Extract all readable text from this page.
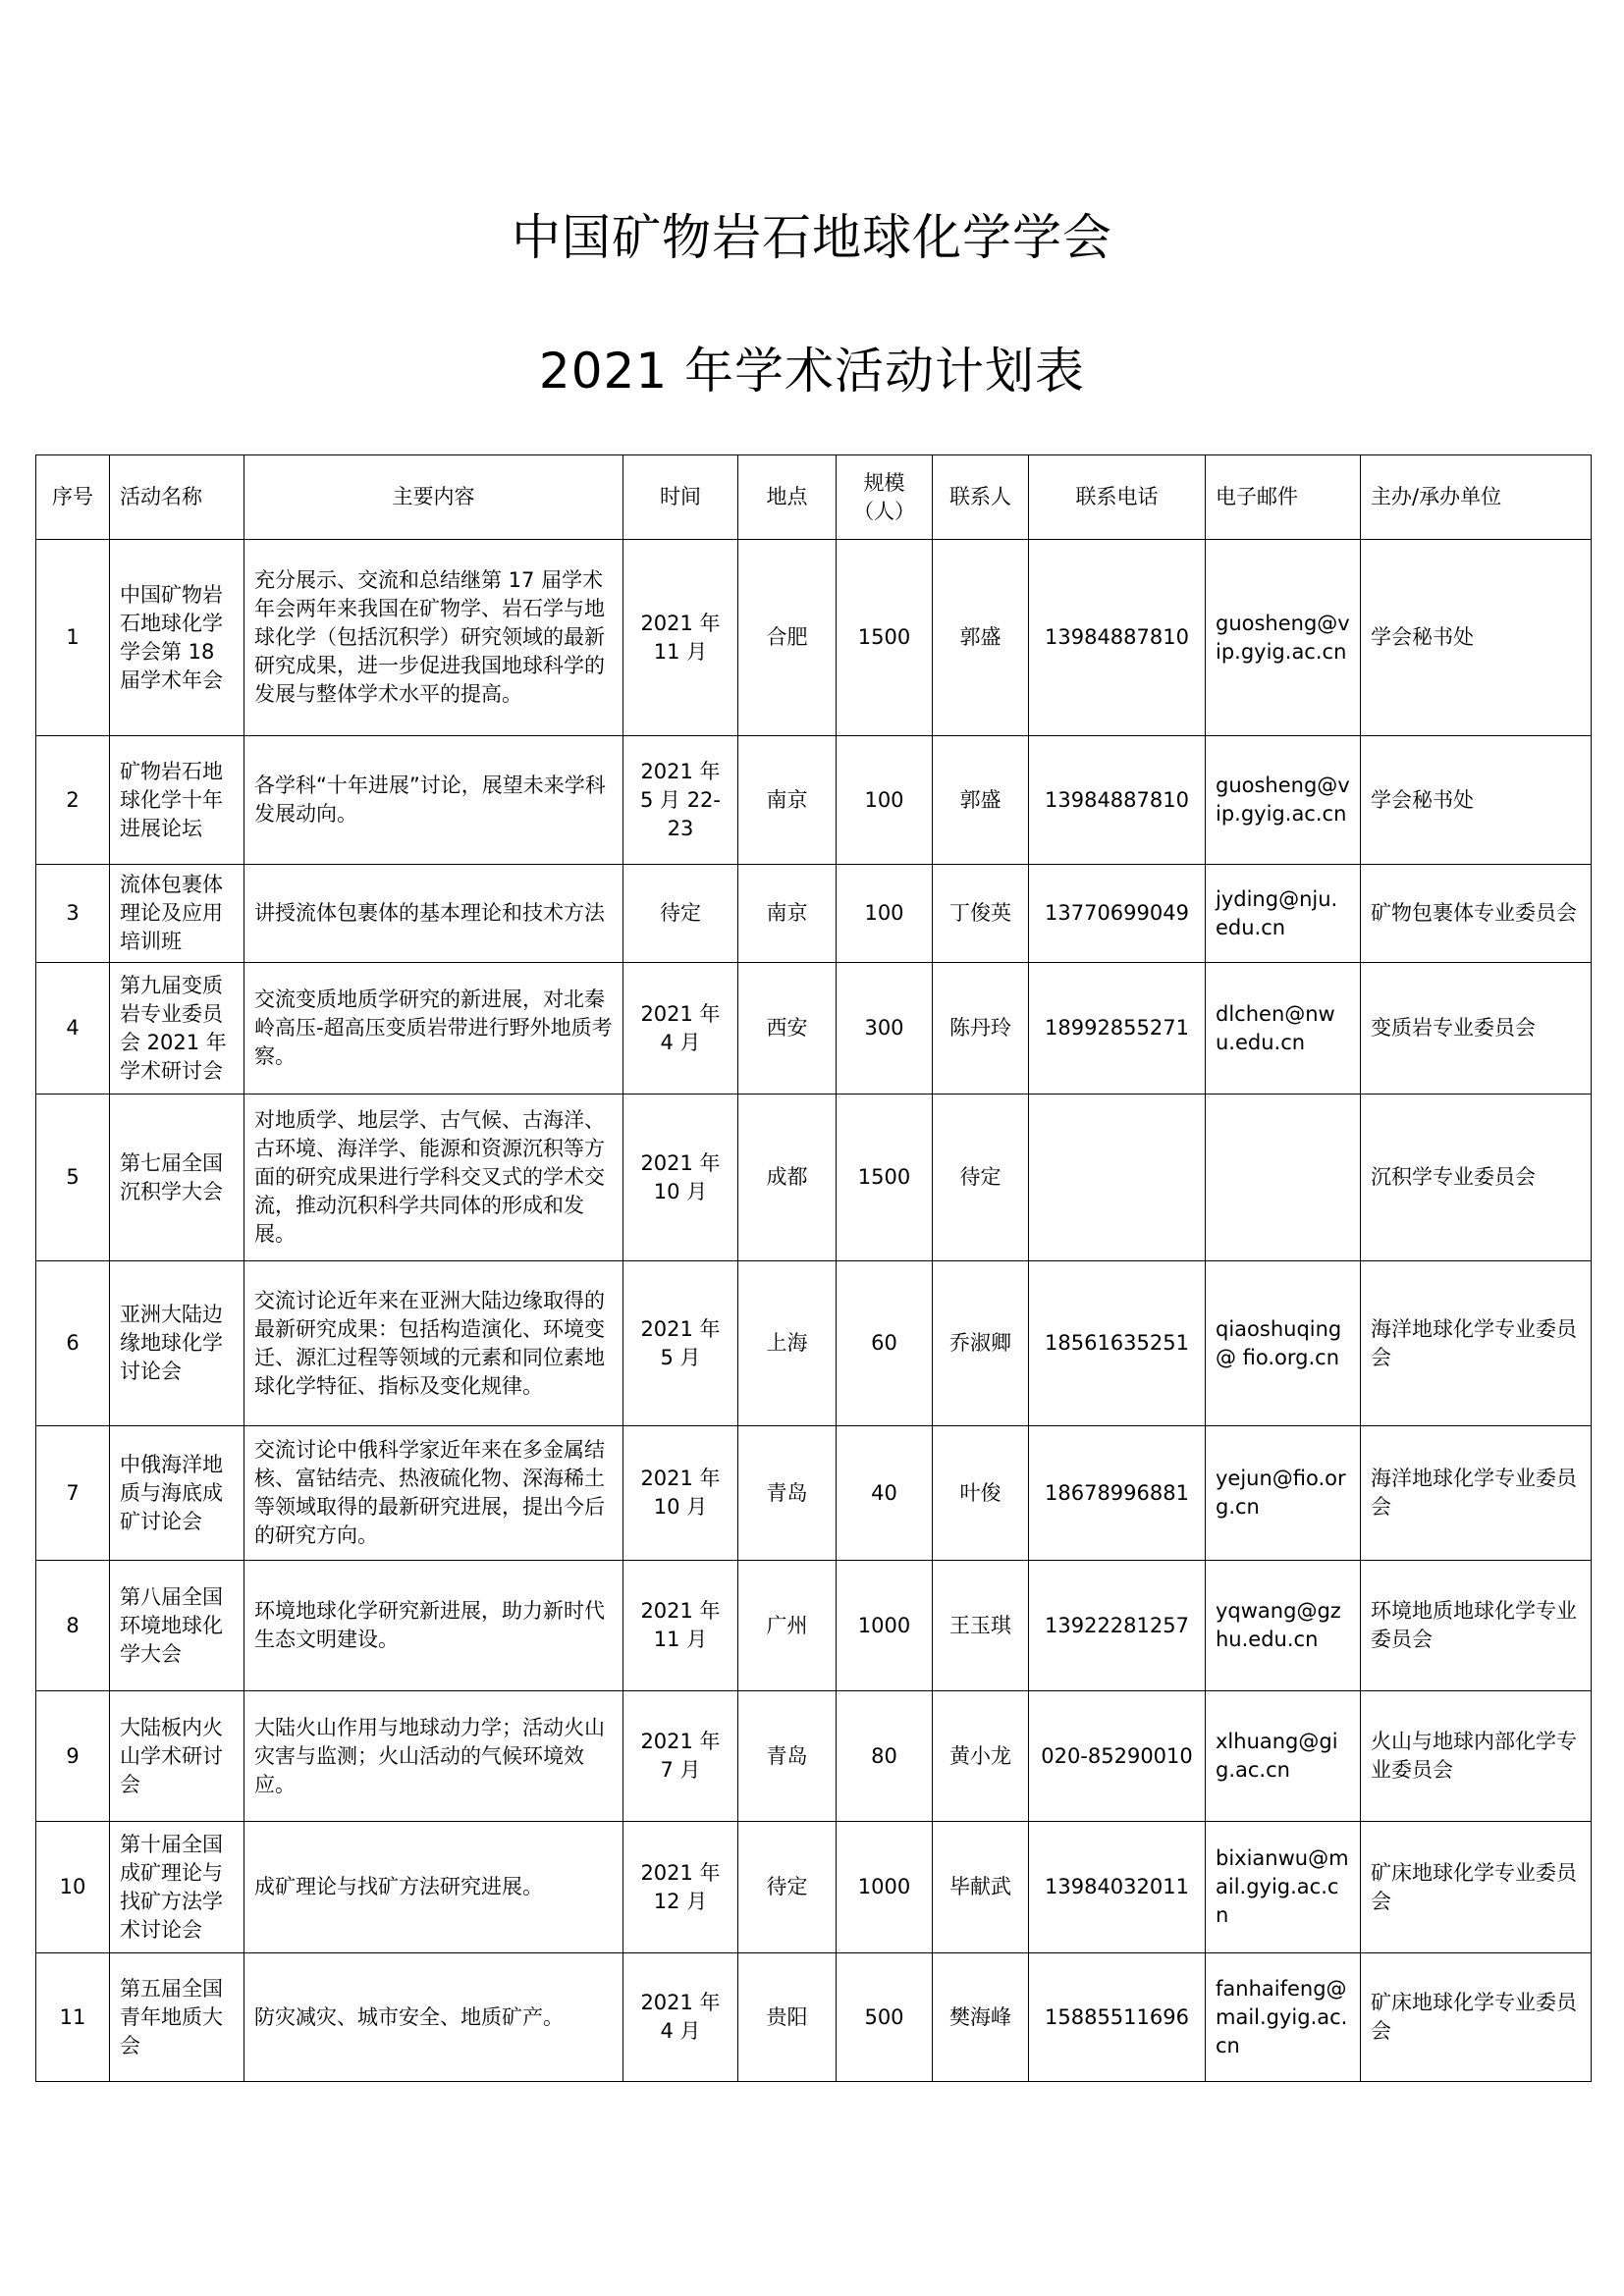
中国矿物岩石地球化学学会
2021 年学术活动计划表
序号	活动名称	主要内容	时间	地点	规模（人）	联系人	联系电话	电子邮件	主办/承办单位
1	中国矿物岩石地球化学学会第 18 届学术年会	充分展示、交流和总结继第 17 届学术年会两年来我国在矿物学、岩石学与地球化学（包括沉积学）研究领域的最新研究成果，进一步促进我国地球科学的发展与整体学术水平的提高。	2021 年 11 月	合肥	1500	郭盛	13984887810	guosheng@vip.gyig.ac.cn	学会秘书处
2	矿物岩石地球化学十年进展论坛	各学科“十年进展”讨论，展望未来学科发展动向。	2021 年 5 月 22-23	南京	100	郭盛	13984887810	guosheng@vip.gyig.ac.cn	学会秘书处
3	流体包裹体理论及应用培训班	讲授流体包裹体的基本理论和技术方法	待定	南京	100	丁俊英	13770699049	jyding@nju.edu.cn	矿物包裹体专业委员会
4	第九届变质岩专业委员会 2021 年学术研讨会	交流变质地质学研究的新进展，对北秦岭高压-超高压变质岩带进行野外地质考察。	2021 年 4 月	西安	300	陈丹玲	18992855271	dlchen@nwu.edu.cn	变质岩专业委员会
5	第七届全国沉积学大会	对地质学、地层学、古气候、古海洋、古环境、海洋学、能源和资源沉积等方面的研究成果进行学科交叉式的学术交流，推动沉积科学共同体的形成和发展。	2021 年 10 月	成都	1500	待定			沉积学专业委员会
6	亚洲大陆边缘地球化学讨论会	交流讨论近年来在亚洲大陆边缘取得的最新研究成果：包括构造演化、环境变迁、源汇过程等领域的元素和同位素地球化学特征、指标及变化规律。	2021 年 5 月	上海	60	乔淑卿	18561635251	qiaoshuqing@ fio.org.cn	海洋地球化学专业委员会
7	中俄海洋地质与海底成矿讨论会	交流讨论中俄科学家近年来在多金属结核、富钴结壳、热液硫化物、深海稀土等领域取得的最新研究进展，提出今后的研究方向。	2021 年 10 月	青岛	40	叶俊	18678996881	yejun@fio.org.cn	海洋地球化学专业委员会
8	第八届全国环境地球化学大会	环境地球化学研究新进展，助力新时代生态文明建设。	2021 年 11 月	广州	1000	王玉琪	13922281257	yqwang@gzhu.edu.cn	环境地质地球化学专业委员会
9	大陆板内火山学术研讨会	大陆火山作用与地球动力学；活动火山灾害与监测；火山活动的气候环境效应。	2021 年 7 月	青岛	80	黄小龙	020-85290010	xlhuang@gig.ac.cn	火山与地球内部化学专业委员会
10	第十届全国成矿理论与找矿方法学术讨论会	成矿理论与找矿方法研究进展。	2021 年 12 月	待定	1000	毕献武	13984032011	bixianwu@mail.gyig.ac.cn	矿床地球化学专业委员会
11	第五届全国青年地质大会	防灾减灾、城市安全、地质矿产。	2021 年 4 月	贵阳	500	樊海峰	15885511696	fanhaifeng@mail.gyig.ac.cn	矿床地球化学专业委员会
